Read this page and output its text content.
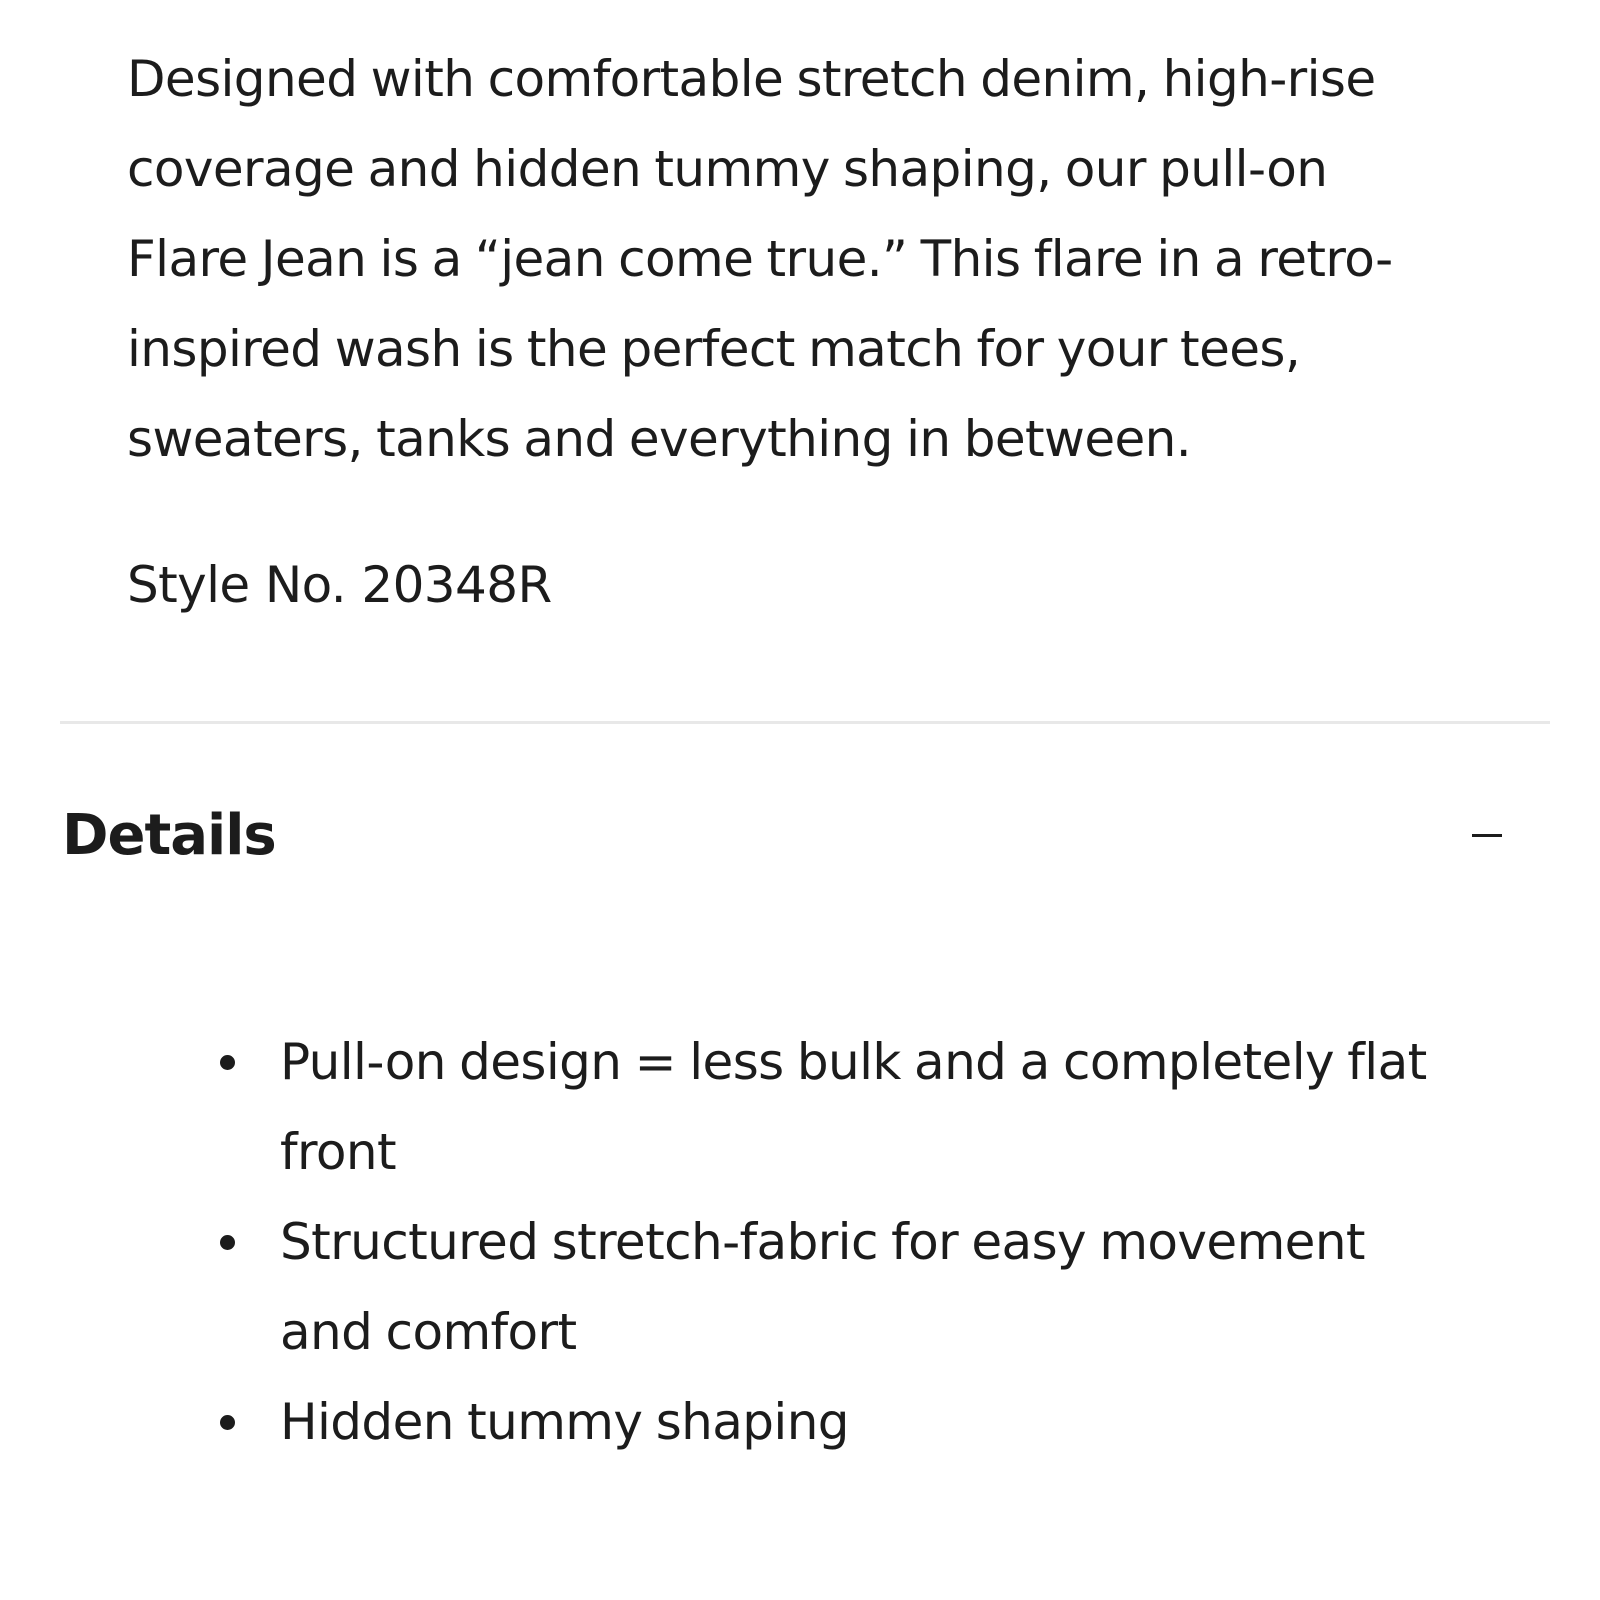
Designed with comfortable stretch denim, high-rise coverage and hidden tummy shaping, our pull-on Flare Jean is a “jean come true.” This flare in a retro-inspired wash is the perfect match for your tees, sweaters, tanks and everything in between.

Style No. 20348R

Details
Pull-on design = less bulk and a completely flat front
Structured stretch-fabric for easy movement and comfort
Hidden tummy shaping
